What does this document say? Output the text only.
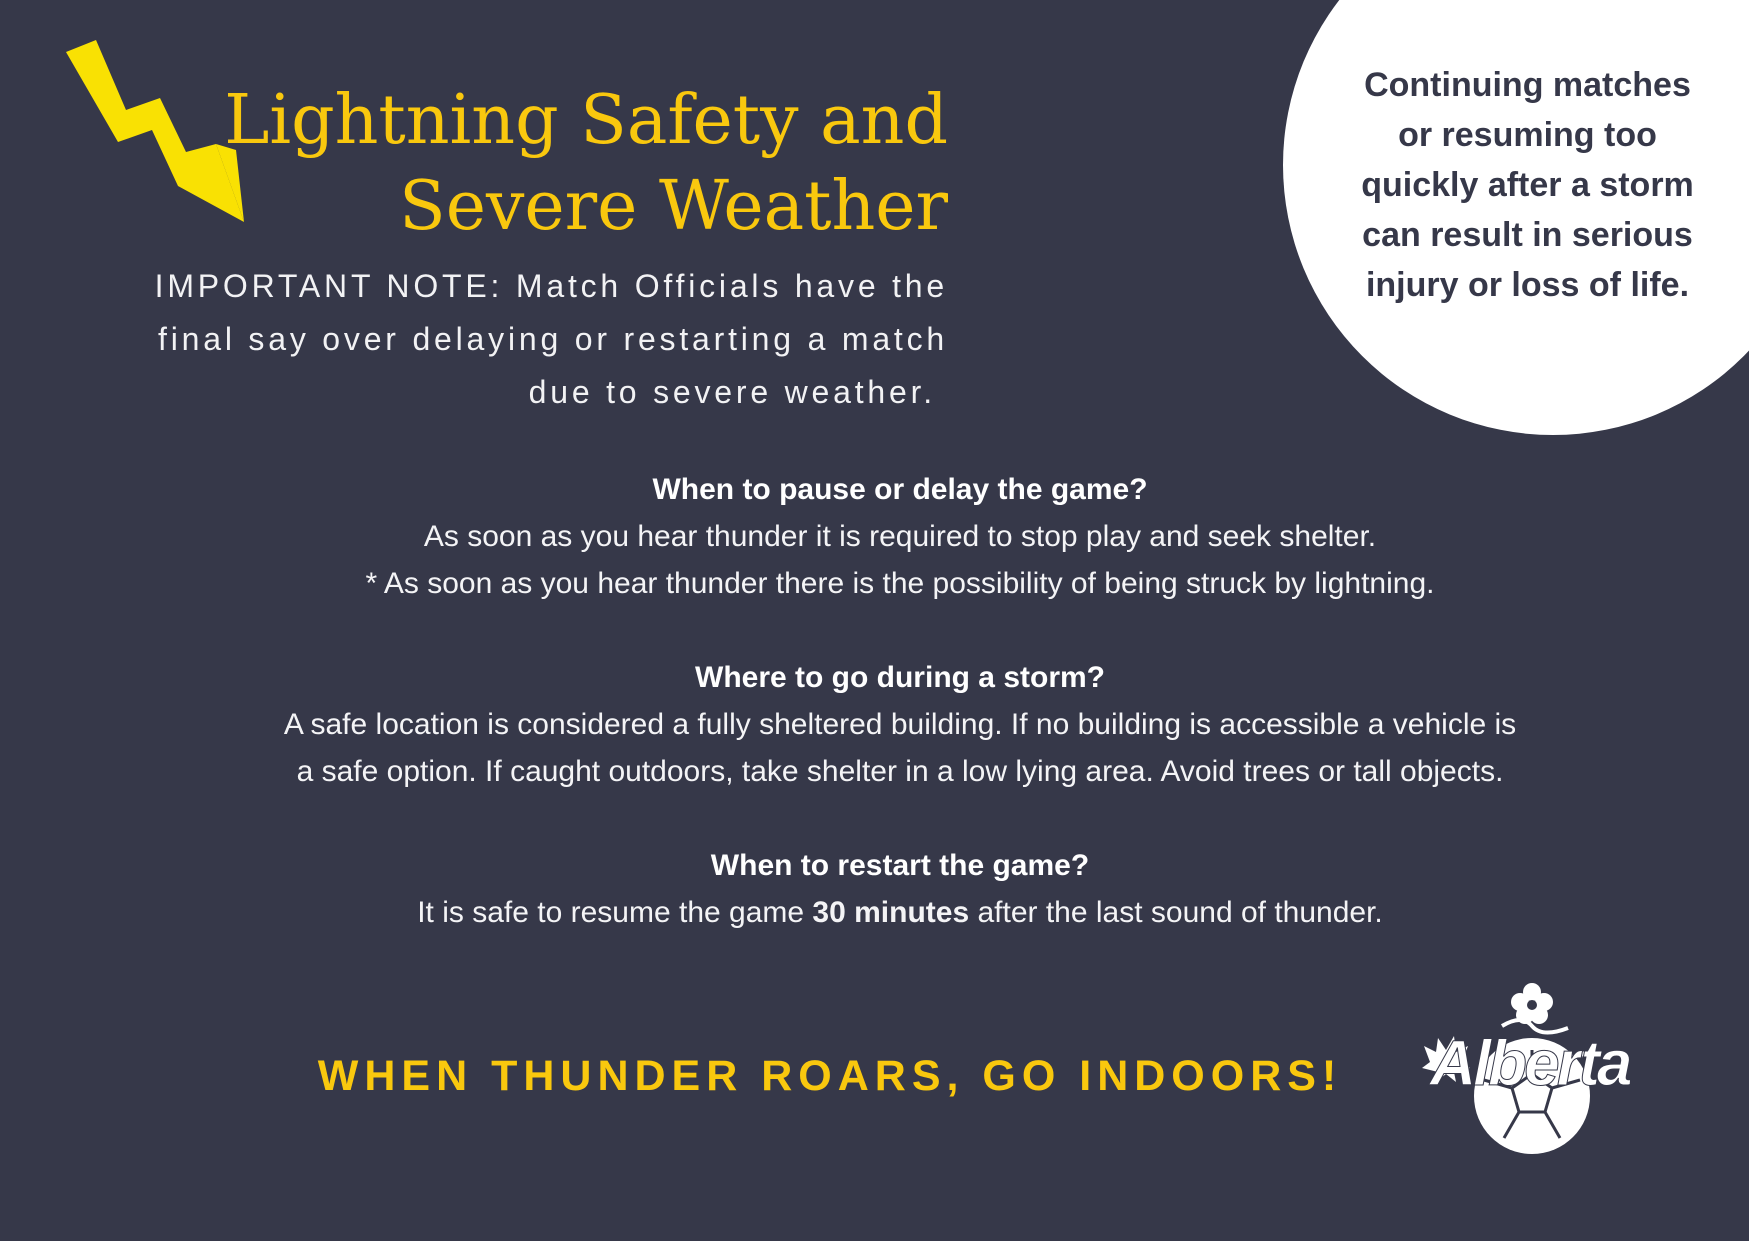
Lightning Safety and
Severe Weather
IMPORTANT NOTE: Match Officials have the
final say over delaying or restarting a match
due to severe weather.
Continuing matches
or resuming too
quickly after a storm
can result in serious
injury or loss of life.
When to pause or delay the game?
As soon as you hear thunder it is required to stop play and seek shelter.
* As soon as you hear thunder there is the possibility of being struck by lightning.
Where to go during a storm?
A safe location is considered a fully sheltered building. If no building is accessible a vehicle is
a safe option. If caught outdoors, take shelter in a low lying area. Avoid trees or tall objects.
When to restart the game?
It is safe to resume the game 30 minutes after the last sound of thunder.
WHEN THUNDER ROARS, GO INDOORS!	Alberta
